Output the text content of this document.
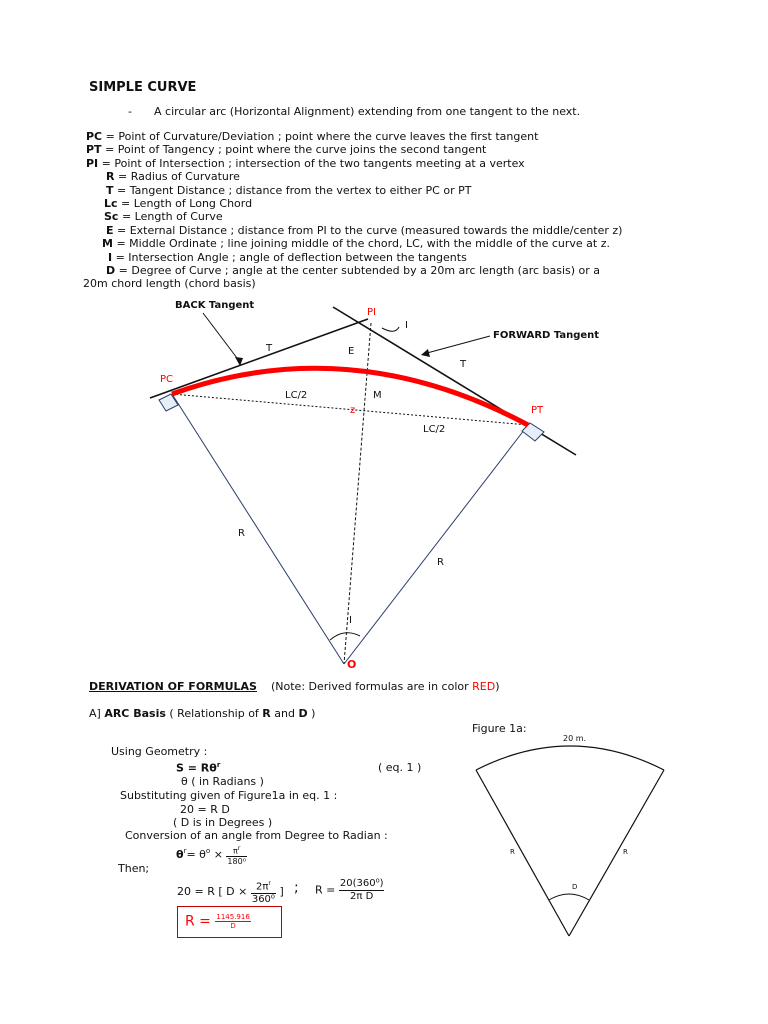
SIMPLE CURVE
- A circular arc (Horizontal Alignment) extending from one tangent to the next.
PC = Point of Curvature/Deviation ; point where the curve leaves the first tangent
PT = Point of Tangency ; point where the curve joins the second tangent
PI = Point of Intersection ; intersection of the two tangents meeting at a vertex
R = Radius of Curvature
T = Tangent Distance ; distance from the vertex to either PC or PT
Lc = Length of Long Chord
Sc = Length of Curve
E = External Distance ; distance from PI to the curve (measured towards the middle/center z)
M = Middle Ordinate ; line joining middle of the chord, LC, with the middle of the curve at z.
I = Intersection Angle ; angle of deflection between the tangents
D = Degree of Curve ; angle at the center subtended by a 20m arc length (arc basis) or a
20m chord length (chord basis)
BACK Tangent
FORWARD Tangent
PI
PC
PT
T
T
E
M
z
LC/2
LC/2
R
R
I
I
O
DERIVATION OF FORMULAS (Note: Derived formulas are in color RED)
A] ARC Basis ( Relationship of R and D )
Figure 1a:
20 m.
R	R
D
Using Geometry :
$S = R\theta^r$	( eq. 1 )
θ ( in Radians )
Substituting given of Figure1a in eq. 1 :
20 = R D
( D is in Degrees )
Conversion of an angle from Degree to Radian :
$\theta^r= \theta^o \times \frac{\pi^r}{\text{180⁰}}$
Then;
20 = R [ $D \times \frac{2\pi^r}{\text{360⁰}}$ ] ; $R = \frac{\text{20(360⁰)}}{\text{2π D}}$
$R = \frac{1145.916}{D}$
